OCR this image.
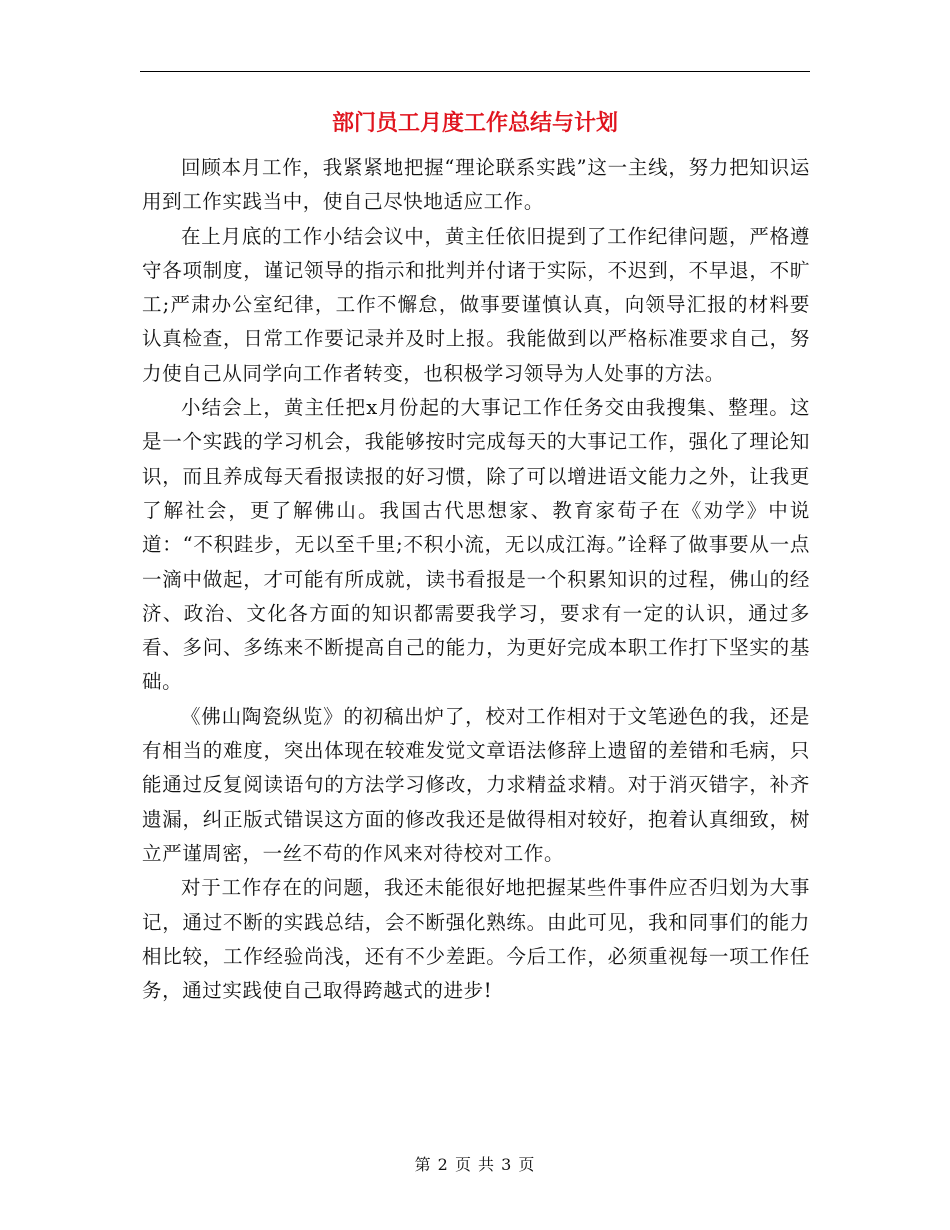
部门员工月度工作总结与计划

回顾本月工作，我紧紧地把握“理论联系实践”这一主线，努力把知识运用到工作实践当中，使自己尽快地适应工作。

在上月底的工作小结会议中，黄主任依旧提到了工作纪律问题，严格遵守各项制度，谨记领导的指示和批判并付诸于实际，不迟到，不早退，不旷工;严肃办公室纪律，工作不懈怠，做事要谨慎认真，向领导汇报的材料要认真检查，日常工作要记录并及时上报。我能做到以严格标准要求自己，努力使自己从同学向工作者转变，也积极学习领导为人处事的方法。

小结会上，黄主任把x月份起的大事记工作任务交由我搜集、整理。这是一个实践的学习机会，我能够按时完成每天的大事记工作，强化了理论知识，而且养成每天看报读报的好习惯，除了可以增进语文能力之外，让我更了解社会，更了解佛山。我国古代思想家、教育家荀子在《劝学》中说道：“不积跬步，无以至千里;不积小流，无以成江海。”诠释了做事要从一点一滴中做起，才可能有所成就，读书看报是一个积累知识的过程，佛山的经济、政治、文化各方面的知识都需要我学习，要求有一定的认识，通过多看、多问、多练来不断提高自己的能力，为更好完成本职工作打下坚实的基础。

《佛山陶瓷纵览》的初稿出炉了，校对工作相对于文笔逊色的我，还是有相当的难度，突出体现在较难发觉文章语法修辞上遗留的差错和毛病，只能通过反复阅读语句的方法学习修改，力求精益求精。对于消灭错字，补齐遗漏，纠正版式错误这方面的修改我还是做得相对较好，抱着认真细致，树立严谨周密，一丝不苟的作风来对待校对工作。

对于工作存在的问题，我还未能很好地把握某些件事件应否归划为大事记，通过不断的实践总结，会不断强化熟练。由此可见，我和同事们的能力相比较，工作经验尚浅，还有不少差距。今后工作，必须重视每一项工作任务，通过实践使自己取得跨越式的进步!

第 2 页 共 3 页
